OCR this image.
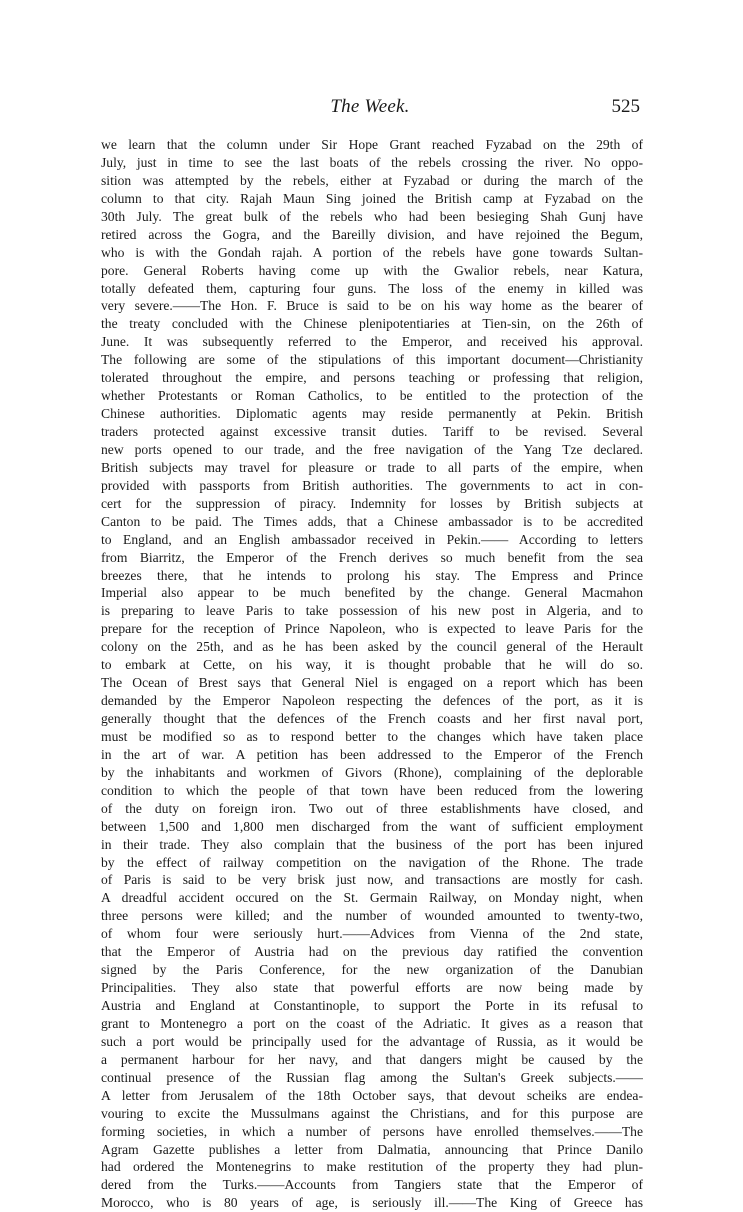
The Week.	525
we learn that the column under Sir Hope Grant reached Fyzabad on the 29th of
July, just in time to see the last boats of the rebels crossing the river. No oppo-
sition was attempted by the rebels, either at Fyzabad or during the march of the
column to that city. Rajah Maun Sing joined the British camp at Fyzabad on the
30th July. The great bulk of the rebels who had been besieging Shah Gunj have
retired across the Gogra, and the Bareilly division, and have rejoined the Begum,
who is with the Gondah rajah. A portion of the rebels have gone towards Sultan-
pore. General Roberts having come up with the Gwalior rebels, near Katura,
totally defeated them, capturing four guns. The loss of the enemy in killed was
very severe.——The Hon. F. Bruce is said to be on his way home as the bearer of
the treaty concluded with the Chinese plenipotentiaries at Tien-sin, on the 26th of
June. It was subsequently referred to the Emperor, and received his approval.
The following are some of the stipulations of this important document—Christianity
tolerated throughout the empire, and persons teaching or professing that religion,
whether Protestants or Roman Catholics, to be entitled to the protection of the
Chinese authorities. Diplomatic agents may reside permanently at Pekin. British
traders protected against excessive transit duties. Tariff to be revised. Several
new ports opened to our trade, and the free navigation of the Yang Tze declared.
British subjects may travel for pleasure or trade to all parts of the empire, when
provided with passports from British authorities. The governments to act in con-
cert for the suppression of piracy. Indemnity for losses by British subjects at
Canton to be paid. The Times adds, that a Chinese ambassador is to be accredited
to England, and an English ambassador received in Pekin.—— According to letters
from Biarritz, the Emperor of the French derives so much benefit from the sea
breezes there, that he intends to prolong his stay. The Empress and Prince
Imperial also appear to be much benefited by the change. General Macmahon
is preparing to leave Paris to take possession of his new post in Algeria, and to
prepare for the reception of Prince Napoleon, who is expected to leave Paris for the
colony on the 25th, and as he has been asked by the council general of the Herault
to embark at Cette, on his way, it is thought probable that he will do so.
The Ocean of Brest says that General Niel is engaged on a report which has been
demanded by the Emperor Napoleon respecting the defences of the port, as it is
generally thought that the defences of the French coasts and her first naval port,
must be modified so as to respond better to the changes which have taken place
in the art of war. A petition has been addressed to the Emperor of the French
by the inhabitants and workmen of Givors (Rhone), complaining of the deplorable
condition to which the people of that town have been reduced from the lowering
of the duty on foreign iron. Two out of three establishments have closed, and
between 1,500 and 1,800 men discharged from the want of sufficient employment
in their trade. They also complain that the business of the port has been injured
by the effect of railway competition on the navigation of the Rhone. The trade
of Paris is said to be very brisk just now, and transactions are mostly for cash.
A dreadful accident occured on the St. Germain Railway, on Monday night, when
three persons were killed; and the number of wounded amounted to twenty-two,
of whom four were seriously hurt.——Advices from Vienna of the 2nd state,
that the Emperor of Austria had on the previous day ratified the convention
signed by the Paris Conference, for the new organization of the Danubian
Principalities. They also state that powerful efforts are now being made by
Austria and England at Constantinople, to support the Porte in its refusal to
grant to Montenegro a port on the coast of the Adriatic. It gives as a reason that
such a port would be principally used for the advantage of Russia, as it would be
a permanent harbour for her navy, and that dangers might be caused by the
continual presence of the Russian flag among the Sultan's Greek subjects.——
A letter from Jerusalem of the 18th October says, that devout scheiks are endea-
vouring to excite the Mussulmans against the Christians, and for this purpose are
forming societies, in which a number of persons have enrolled themselves.——The
Agram Gazette publishes a letter from Dalmatia, announcing that Prince Danilo
had ordered the Montenegrins to make restitution of the property they had plun-
dered from the Turks.——Accounts from Tangiers state that the Emperor of
Morocco, who is 80 years of age, is seriously ill.——The King of Greece has
